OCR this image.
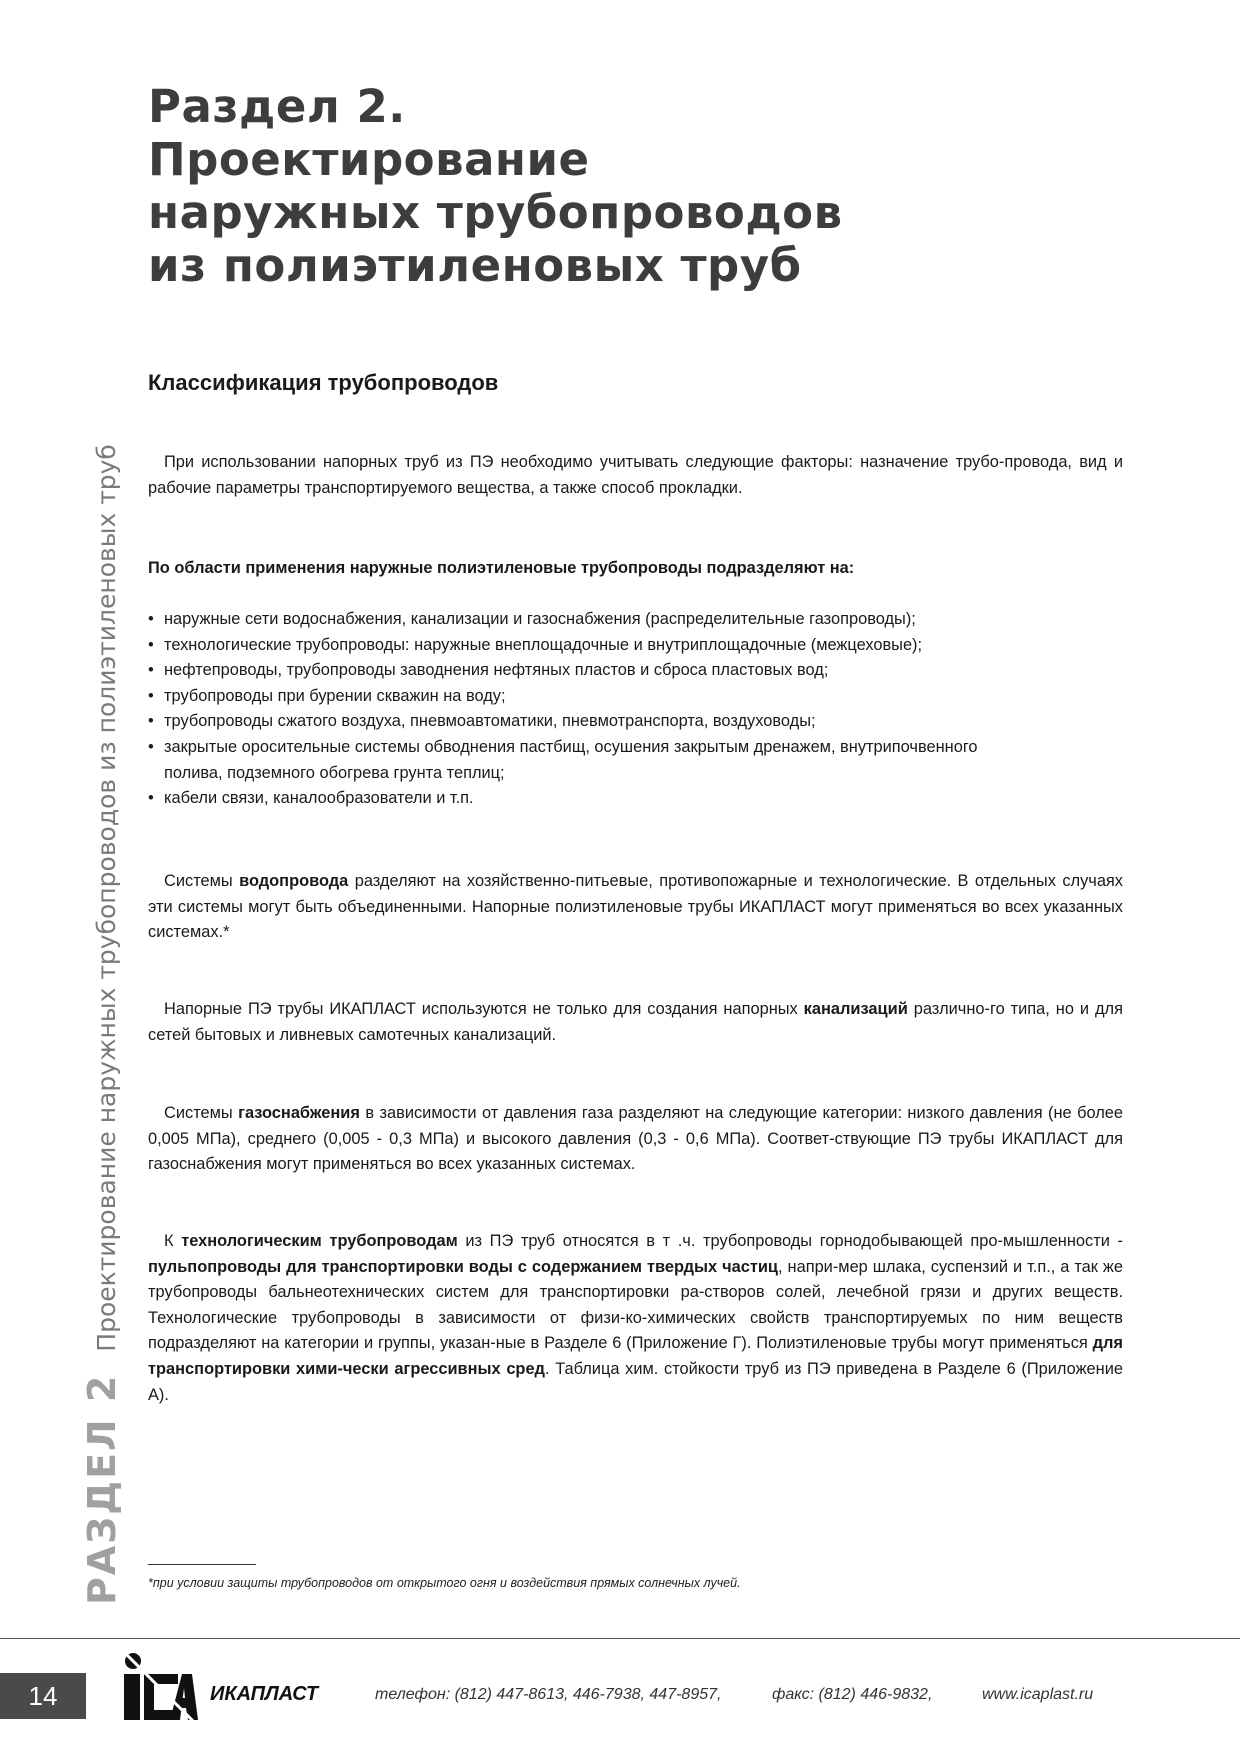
Раздел 2.
Проектирование
наружных трубопроводов
из полиэтиленовых труб
Классификация трубопроводов
При использовании напорных труб из ПЭ необходимо учитывать следующие факторы: назначение трубо-провода, вид и рабочие параметры транспортируемого вещества, а также способ прокладки.
По области применения наружные полиэтиленовые трубопроводы подразделяют на:
• наружные сети водоснабжения, канализации и газоснабжения (распределительные газопроводы);
• технологические трубопроводы: наружные внеплощадочные и внутриплощадочные (межцеховые);
• нефтепроводы, трубопроводы заводнения нефтяных пластов и сброса пластовых вод;
• трубопроводы при бурении скважин на воду;
• трубопроводы сжатого воздуха, пневмоавтоматики, пневмотранспорта, воздуховоды;
• закрытые оросительные системы обводнения пастбищ, осушения закрытым дренажем, внутрипочвенного полива, подземного обогрева грунта теплиц;
• кабели связи, каналообразователи и т.п.
Системы водопровода разделяют на хозяйственно-питьевые, противопожарные и технологические. В отдельных случаях эти системы могут быть объединенными. Напорные полиэтиленовые трубы ИКАПЛАСТ могут применяться во всех указанных системах.*
Напорные ПЭ трубы ИКАПЛАСТ используются не только для создания напорных канализаций различно-го типа, но и для сетей бытовых и ливневых самотечных канализаций.
Системы газоснабжения в зависимости от давления газа разделяют на следующие категории: низкого давления (не более 0,005 МПа), среднего (0,005 - 0,3 МПа) и высокого давления (0,3 - 0,6 МПа). Соответ-ствующие ПЭ трубы ИКАПЛАСТ для газоснабжения могут применяться во всех указанных системах.
К технологическим трубопроводам из ПЭ труб относятся в т .ч. трубопроводы горнодобывающей про-мышленности - пульпопроводы для транспортировки воды с содержанием твердых частиц, напри-мер шлака, суспензий и т.п., а так же трубопроводы бальнеотехнических систем для транспортировки ра-створов солей, лечебной грязи и других веществ. Технологические трубопроводы в зависимости от физи-ко-химических свойств транспортируемых по ним веществ подразделяют на категории и группы, указан-ные в Разделе 6 (Приложение Г). Полиэтиленовые трубы могут применяться для транспортировки хими-чески агрессивных сред. Таблица хим. стойкости труб из ПЭ приведена в Разделе 6 (Приложение А).
РАЗДЕЛ 2Проектирование наружных трубопроводов из полиэтиленовых труб
*при условии защиты трубопроводов от открытого огня и воздействия прямых солнечных лучей.
14	ИКАПЛАСТ	телефон: (812) 447-8613, 446-7938, 447-8957,	факс: (812) 446-9832,	www.icaplast.ru
